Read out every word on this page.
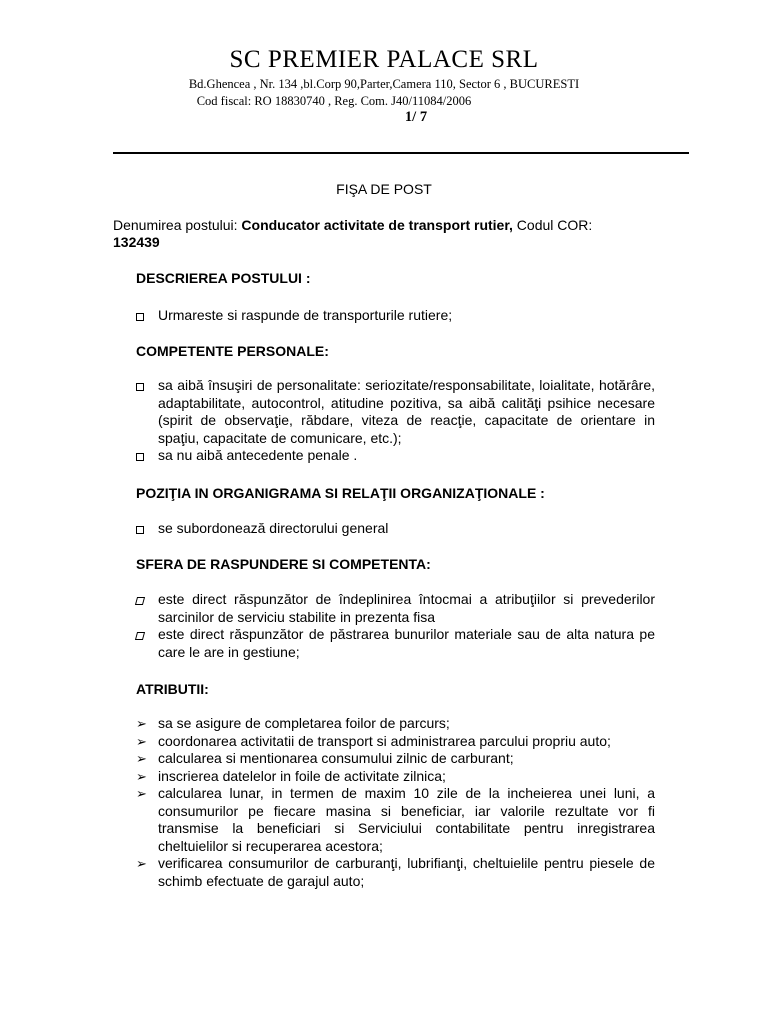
SC PREMIER PALACE SRL
Bd.Ghencea , Nr. 134 ,bl.Corp 90,Parter,Camera 110, Sector 6 , BUCURESTI
Cod fiscal: RO 18830740 , Reg. Com. J40/11084/2006
1/ 7
FIŞA DE POST
Denumirea postului: Conducator activitate de transport rutier, Codul COR:
132439
DESCRIEREA POSTULUI :
Urmareste si raspunde de transporturile rutiere;
COMPETENTE PERSONALE:
sa aibă însuşiri de personalitate: seriozitate/responsabilitate, loialitate, hotărâre, adaptabilitate, autocontrol, atitudine pozitiva, sa aibă calităţi psihice necesare (spirit de observaţie, răbdare, viteza de reacţie, capacitate de orientare in spaţiu, capacitate de comunicare, etc.);
sa nu aibă antecedente penale .
POZIŢIA IN ORGANIGRAMA SI RELAŢII ORGANIZAŢIONALE :
se subordonează directorului general
SFERA DE RASPUNDERE SI COMPETENTA:
este direct răspunzător de îndeplinirea întocmai a atribuţiilor si prevederilor sarcinilor de serviciu stabilite in prezenta fisa
este direct răspunzător de păstrarea bunurilor materiale sau de alta natura pe care le are in gestiune;
ATRIBUTII:
➢ sa se asigure de completarea foilor de parcurs;
➢ coordonarea activitatii de transport si administrarea parcului propriu auto;
➢ calcularea si mentionarea consumului zilnic de carburant;
➢ inscrierea datelelor in foile de activitate zilnica;
➢ calcularea lunar, in termen de maxim 10 zile de la incheierea unei luni, a consumurilor pe fiecare masina si beneficiar, iar valorile rezultate vor fi transmise la beneficiari si Serviciului contabilitate pentru inregistrarea cheltuielilor si recuperarea acestora;
➢ verificarea consumurilor de carburanţi, lubrifianţi, cheltuielile pentru piesele de schimb efectuate de garajul auto;
